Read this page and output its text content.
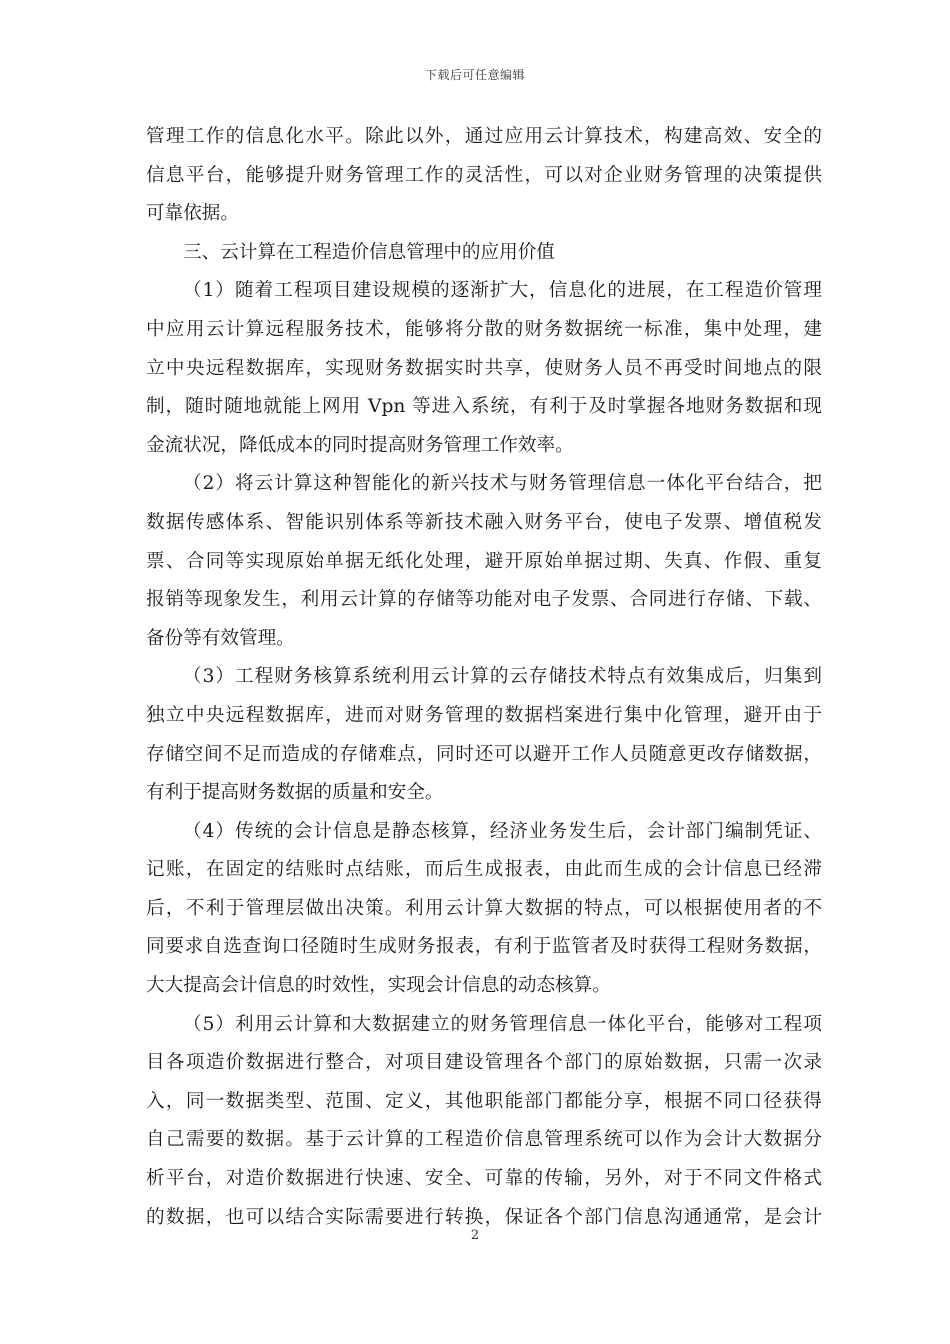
下载后可任意编辑
管理工作的信息化水平。除此以外，通过应用云计算技术，构建高效、安全的
信息平台，能够提升财务管理工作的灵活性，可以对企业财务管理的决策提供
可靠依据。
三、云计算在工程造价信息管理中的应用价值
（1）随着工程项目建设规模的逐渐扩大，信息化的进展，在工程造价管理
中应用云计算远程服务技术，能够将分散的财务数据统一标准，集中处理，建
立中央远程数据库，实现财务数据实时共享，使财务人员不再受时间地点的限
制，随时随地就能上网用 Vpn 等进入系统，有利于及时掌握各地财务数据和现
金流状况，降低成本的同时提高财务管理工作效率。
（2）将云计算这种智能化的新兴技术与财务管理信息一体化平台结合，把
数据传感体系、智能识别体系等新技术融入财务平台，使电子发票、增值税发
票、合同等实现原始单据无纸化处理，避开原始单据过期、失真、作假、重复
报销等现象发生，利用云计算的存储等功能对电子发票、合同进行存储、下载、
备份等有效管理。
（3）工程财务核算系统利用云计算的云存储技术特点有效集成后，归集到
独立中央远程数据库，进而对财务管理的数据档案进行集中化管理，避开由于
存储空间不足而造成的存储难点，同时还可以避开工作人员随意更改存储数据，
有利于提高财务数据的质量和安全。
（4）传统的会计信息是静态核算，经济业务发生后，会计部门编制凭证、
记账，在固定的结账时点结账，而后生成报表，由此而生成的会计信息已经滞
后，不利于管理层做出决策。利用云计算大数据的特点，可以根据使用者的不
同要求自选查询口径随时生成财务报表，有利于监管者及时获得工程财务数据，
大大提高会计信息的时效性，实现会计信息的动态核算。
（5）利用云计算和大数据建立的财务管理信息一体化平台，能够对工程项
目各项造价数据进行整合，对项目建设管理各个部门的原始数据，只需一次录
入，同一数据类型、范围、定义，其他职能部门都能分享，根据不同口径获得
自己需要的数据。基于云计算的工程造价信息管理系统可以作为会计大数据分
析平台，对造价数据进行快速、安全、可靠的传输，另外，对于不同文件格式
的数据，也可以结合实际需要进行转换，保证各个部门信息沟通通常，是会计
2
